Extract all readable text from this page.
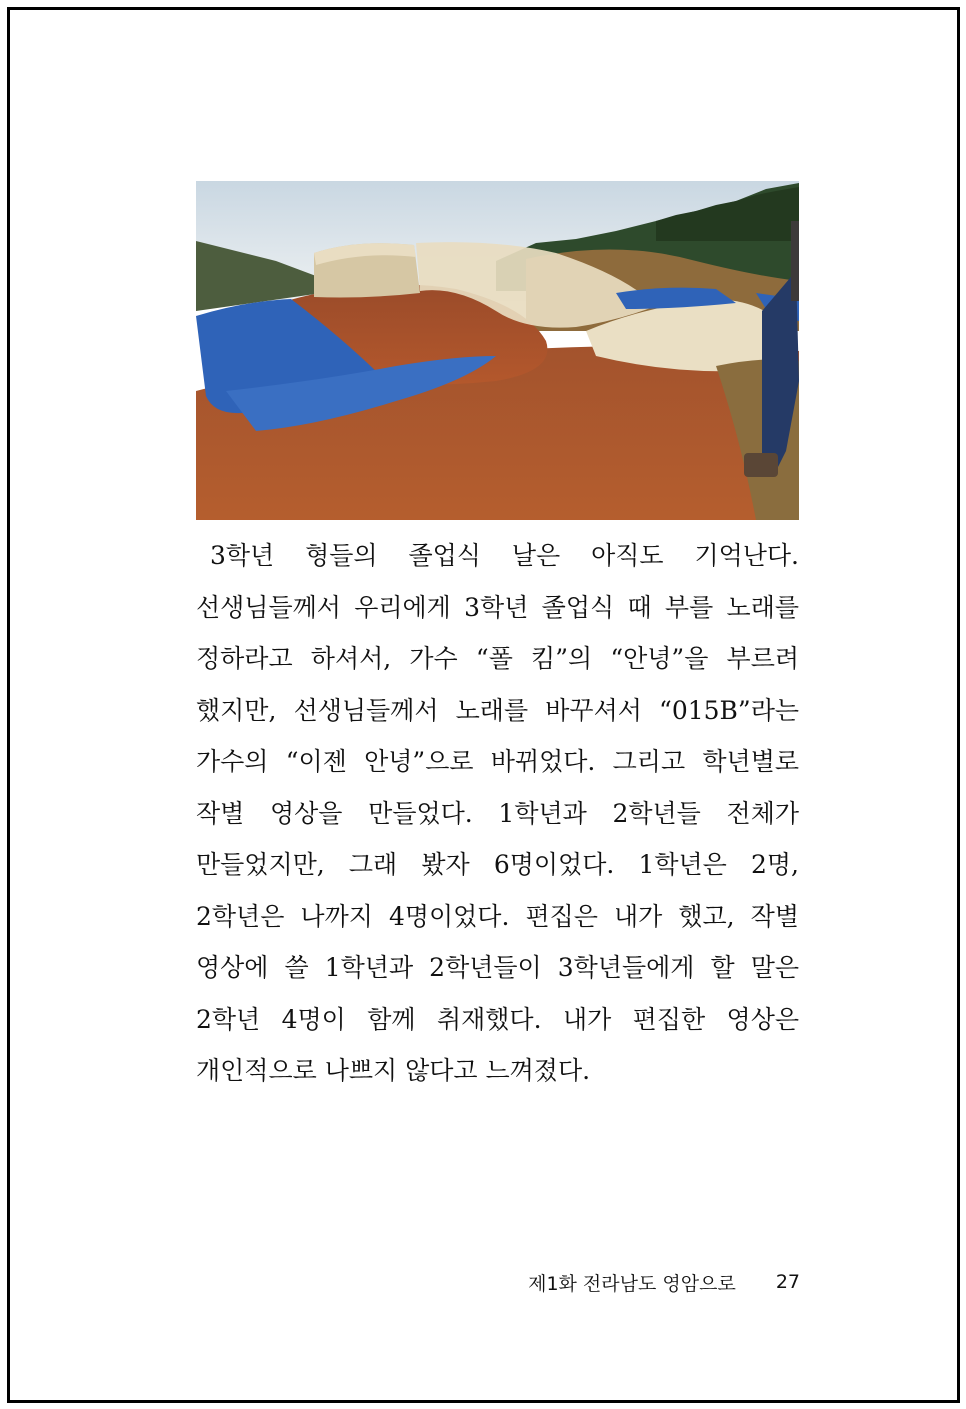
3학년 형들의 졸업식 날은 아직도 기억난다. 선생님들께서 우리에게 3학년 졸업식 때 부를 노래를 정하라고 하셔서, 가수 “폴 킴”의 “안녕”을 부르려 했지만, 선생님들께서 노래를 바꾸셔서 “015B”라는 가수의 “이젠 안녕”으로 바뀌었다. 그리고 학년별로 작별 영상을 만들었다. 1학년과 2학년들 전체가 만들었지만, 그래 봤자 6명이었다. 1학년은 2명, 2학년은 나까지 4명이었다. 편집은 내가 했고, 작별 영상에 쓸 1학년과 2학년들이 3학년들에게 할 말은 2학년 4명이 함께 취재했다. 내가 편집한 영상은 개인적으로 나쁘지 않다고 느껴졌다.

제1화 전라남도 영암으로 27
